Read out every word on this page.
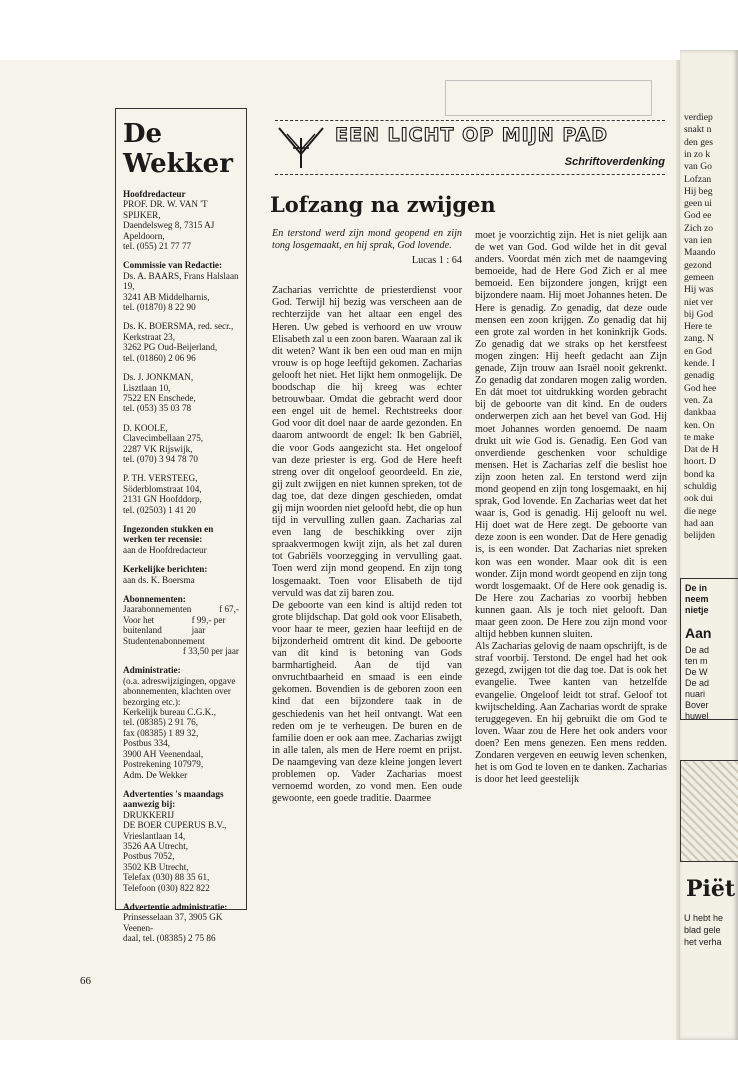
De Wekker

Hoofdredacteur
PROF. DR. W. VAN 'T SPIJKER,
Daendelsweg 8, 7315 AJ Apeldoorn,
tel. (055) 21 77 77

Commissie van Redactie:
Ds. A. BAARS, Frans Halslaan 19,
3241 AB Middelharnis,
tel. (01870) 8 22 90

Ds. K. BOERSMA, red. secr.,
Kerkstraat 23,
3262 PG Oud-Beijerland,
tel. (01860) 2 06 96

Ds. J. JONKMAN,
Lisztlaan 10,
7522 EN Enschede,
tel. (053) 35 03 78

D. KOOLE,
Clavecimbellaan 275,
2287 VK Rijswijk,
tel. (070) 3 94 78 70

P. TH. VERSTEEG,
Söderblomstraat 104,
2131 GN Hoofddorp,
tel. (02503) 1 41 20

Ingezonden stukken en werken ter recensie:
aan de Hoofdredacteur

Kerkelijke berichten:
aan ds. K. Boersma

Abonnementen:

Jaarabonnementen	f 67,-
Voor het buitenland
f 99,- per jaar
Studentenabonnement
f 33,50 per jaar

Administratie:
(o.a. adreswijzigingen, opgave
abonnementen, klachten over
bezorging etc.):
Kerkelijk bureau C.G.K.,
tel. (08385) 2 91 76,
fax (08385) 1 89 32,
Postbus 334,
3900 AH Veenendaal,
Postrekening 107979,
Adm. De Wekker

Advertenties 's maandags aanwezig bij:
DRUKKERIJ
DE BOER CUPERUS B.V.,
Vrieslantlaan 14,
3526 AA Utrecht,
Postbus 7052,
3502 KB Utrecht,
Telefax (030) 88 35 61,
Telefoon (030) 822 822

Advertentie administratie:
Prinsesselaan 37, 3905 GK Veenen-
daal, tel. (08385) 2 75 86

66
EEN LICHT OP MIJN PAD
Schriftoverdenking
Lofzang na zwijgen

En terstond werd zijn mond geopend en zijn tong losgemaakt, en hij sprak, God lovende.

Lucas 1 : 64

Zacharias verrichtte de priesterdienst voor God. Terwijl hij bezig was verscheen aan de rechterzijde van het altaar een engel des Heren. Uw gebed is verhoord en uw vrouw Elisabeth zal u een zoon baren. Waaraan zal ik dit weten? Want ik ben een oud man en mijn vrouw is op hoge leeftijd gekomen. Zacharias gelooft het niet. Het lijkt hem onmogelijk. De boodschap die hij kreeg was echter betrouwbaar. Omdat die gebracht werd door een engel uit de hemel. Rechtstreeks door God voor dit doel naar de aarde gezonden. En daarom antwoordt de engel: Ik ben Gabriël, die voor Gods aangezicht sta. Het ongeloof van deze priester is erg. God de Here heeft streng over dit ongeloof geoordeeld. En zie, gij zult zwijgen en niet kunnen spreken, tot de dag toe, dat deze dingen geschieden, omdat gij mijn woorden niet geloofd hebt, die op hun tijd in vervulling zullen gaan. Zacharias zal even lang de beschikking over zijn spraakvermogen kwijt zijn, als het zal duren tot Gabriëls voorzegging in vervulling gaat. Toen werd zijn mond geopend. En zijn tong losgemaakt. Toen voor Elisabeth de tijd vervuld was dat zij baren zou.

De geboorte van een kind is altijd reden tot grote blijdschap. Dat gold ook voor Elisabeth, voor haar te meer, gezien haar leeftijd en de bijzonderheid omtrent dit kind. De geboorte van dit kind is betoning van Gods barmhartigheid. Aan de tijd van onvruchtbaarheid en smaad is een einde gekomen. Bovendien is de geboren zoon een kind dat een bijzondere taak in de geschiedenis van het heil ontvangt. Wat een reden om je te verheugen. De buren en de familie doen er ook aan mee. Zacharias zwijgt in alle talen, als men de Here roemt en prijst. De naamgeving van deze kleine jongen levert problemen op. Vader Zacharias moest vernoemd worden, zo vond men. Een oude gewoonte, een goede traditie. Daarmee

moet je voorzichtig zijn. Het is niet gelijk aan de wet van God. God wilde het in dit geval anders. Voordat mén zich met de naamgeving bemoeide, had de Here God Zich er al mee bemoeid. Een bijzondere jongen, krijgt een bijzondere naam. Hij moet Johannes heten. De Here is genadig. Zo genadig, dat deze oude mensen een zoon krijgen. Zo genadig dat hij een grote zal worden in het koninkrijk Gods. Zo genadig dat we straks op het kerstfeest mogen zingen: Hij heeft gedacht aan Zijn genade, Zijn trouw aan Israël nooit gekrenkt. Zo genadig dat zondaren mogen zalig worden. En dát moet tot uitdrukking worden gebracht bij de geboorte van dit kind. En de ouders onderwerpen zich aan het bevel van God. Hij moet Johannes worden genoemd. De naam drukt uit wie God is. Genadig. Een God van onverdiende geschenken voor schuldige mensen. Het is Zacharias zelf die beslist hoe zijn zoon heten zal. En terstond werd zijn mond geopend en zijn tong losgemaakt, en hij sprak, God lovende. En Zacharias weet dat het waar is, God is genadig. Hij gelooft nu wel. Hij doet wat de Here zegt. De geboorte van deze zoon is een wonder. Dat de Here genadig is, is een wonder. Dat Zacharias niet spreken kon was een wonder. Maar ook dit is een wonder. Zijn mond wordt geopend en zijn tong wordt losgemaakt. Of de Here ook genadig is. De Here zou Zacharias zo voorbij hebben kunnen gaan. Als je toch niet gelooft. Dan maar geen zoon. De Here zou zijn mond voor altijd hebben kunnen sluiten.

Als Zacharias gelovig de naam opschrijft, is de straf voorbij. Terstond. De engel had het ook gezegd, zwijgen tot die dag toe. Dat is ook het evangelie. Twee kanten van hetzelfde evangelie. Ongeloof leidt tot straf. Geloof tot kwijtschelding. Aan Zacharias wordt de sprake teruggegeven. En hij gebruikt die om God te loven. Waar zou de Here het ook anders voor doen? Een mens genezen. Een mens redden. Zondaren vergeven en eeuwig leven schenken, het is om God te loven en te danken. Zacharias is door het leed geestelijk

verdiep
snakt n
den ges
in zo k
van Go
Lofzan
Hij beg
geen ui
God ee
Zich zo
van ien
Maando
gezond
gemeen
Hij was
niet ver
bij God
Here te
zang. N
en God
kende. I
genadig
God hee
ven. Za
dankbaa
ken. On
te make
Dat de H
hoort. D
bond ka
schuldig
ook dui
die nege
had aan
belijden
De in
neem
nietje
Aan
De ad
ten m
De W
De ad
nuari
Bover
huwel
Piët
U hebt he
blad gele
het verha
